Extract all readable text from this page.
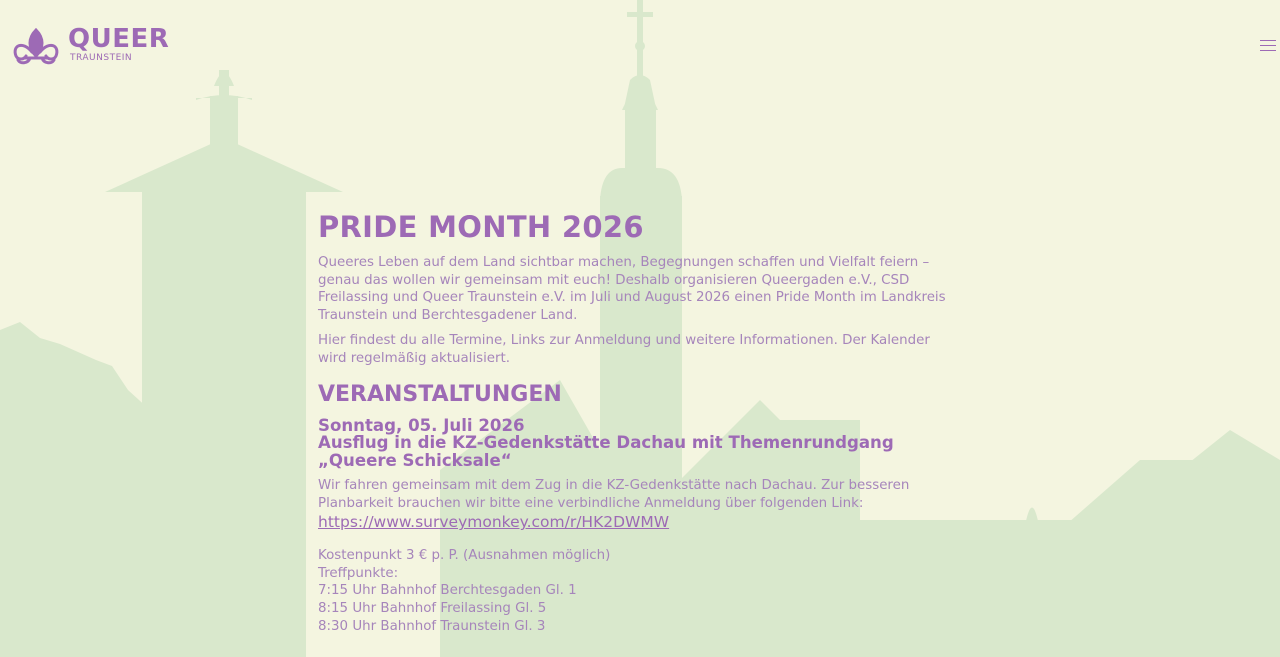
QUEER
TRAUNSTEIN
PRIDE MONTH 2026

Queeres Leben auf dem Land sichtbar machen, Begegnungen schaffen und Vielfalt feiern – genau das wollen wir gemeinsam mit euch! Deshalb organisieren Queergaden e.V., CSD Freilassing und Queer Traunstein e.V. im Juli und August 2026 einen Pride Month im Landkreis Traunstein und Berchtesgadener Land.

Hier findest du alle Termine, Links zur Anmeldung und weitere Informationen. Der Kalender wird regelmäßig aktualisiert.

VERANSTALTUNGEN
Sonntag, 05. Juli 2026
Ausflug in die KZ-Gedenkstätte Dachau mit Themenrundgang „Queere Schicksale“

Wir fahren gemeinsam mit dem Zug in die KZ-Gedenkstätte nach Dachau. Zur besseren Planbarkeit brauchen wir bitte eine verbindliche Anmeldung über folgenden Link:

https://www.surveymonkey.com/r/HK2DWMW

Kostenpunkt 3 € p. P. (Ausnahmen möglich)

Treffpunkte:

7:15 Uhr Bahnhof Berchtesgaden Gl. 1

8:15 Uhr Bahnhof Freilassing Gl. 5

8:30 Uhr Bahnhof Traunstein Gl. 3
